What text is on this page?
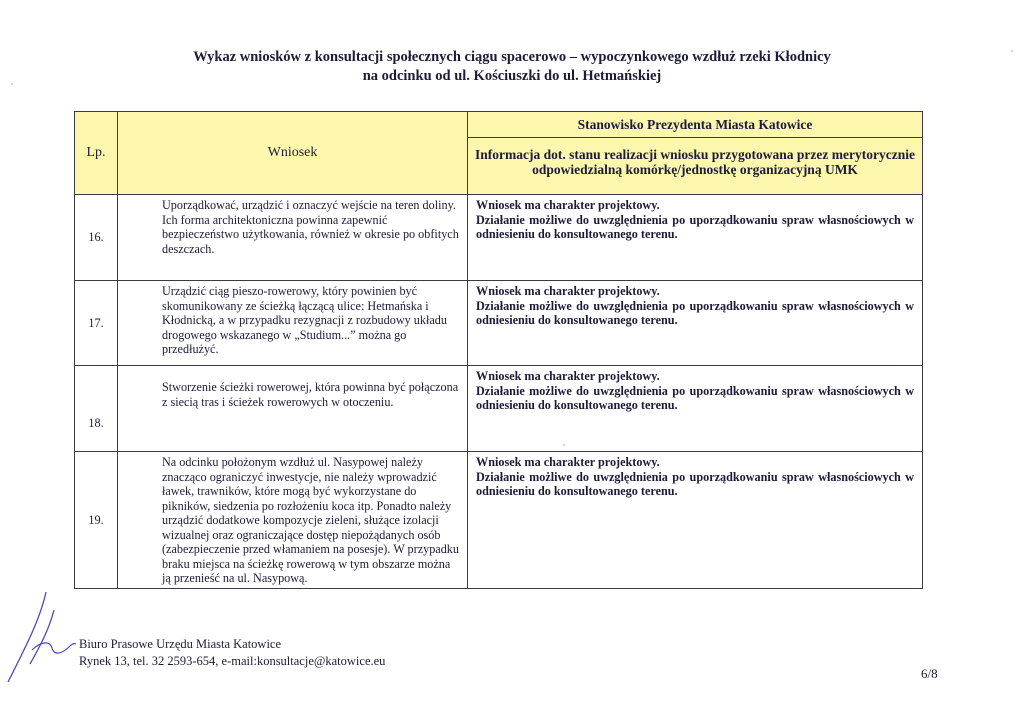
Wykaz wniosków z konsultacji społecznych ciągu spacerowo – wypoczynkowego wzdłuż rzeki Kłodnicy
na odcinku od ul. Kościuszki do ul. Hetmańskiej
Lp.	Wniosek	Stanowisko Prezydenta Miasta Katowice
Informacja dot. stanu realizacji wniosku przygotowana przez merytorycznie odpowiedzialną komórkę/jednostkę organizacyjną UMK

16.	Uporządkować, urządzić i oznaczyć wejście na teren doliny. Ich forma architektoniczna powinna zapewnić bezpieczeństwo użytkowania, również w okresie po obfitych deszczach.	Wniosek ma charakter projektowy.
Działanie możliwe do uwzględnienia po uporządkowaniu spraw własnościowych w odniesieniu do konsultowanego terenu.

17.	Urządzić ciąg pieszo-rowerowy, który powinien być skomunikowany ze ścieżką łączącą ulice: Hetmańska i Kłodnicką, a w przypadku rezygnacji z rozbudowy układu drogowego wskazanego w „Studium...” można go przedłużyć.	Wniosek ma charakter projektowy.
Działanie możliwe do uwzględnienia po uporządkowaniu spraw własnościowych w odniesieniu do konsultowanego terenu.

18.	Stworzenie ścieżki rowerowej, która powinna być połączona z siecią tras i ścieżek rowerowych w otoczeniu.	Wniosek ma charakter projektowy.
Działanie możliwe do uwzględnienia po uporządkowaniu spraw własnościowych w odniesieniu do konsultowanego terenu.

19.	Na odcinku położonym wzdłuż ul. Nasypowej należy znacząco ograniczyć inwestycje, nie należy wprowadzić ławek, trawników, które mogą być wykorzystane do pikników, siedzenia po rozłożeniu koca itp. Ponadto należy urządzić dodatkowe kompozycje zieleni, służące izolacji wizualnej oraz ograniczające dostęp niepożądanych osób (zabezpieczenie przed włamaniem na posesje). W przypadku braku miejsca na ścieżkę rowerową w tym obszarze można ją przenieść na ul. Nasypową.	Wniosek ma charakter projektowy.
Działanie możliwe do uwzględnienia po uporządkowaniu spraw własnościowych w odniesieniu do konsultowanego terenu.
Biuro Prasowe Urzędu Miasta Katowice
Rynek 13, tel. 32 2593-654, e-mail:konsultacje@katowice.eu
6/8
